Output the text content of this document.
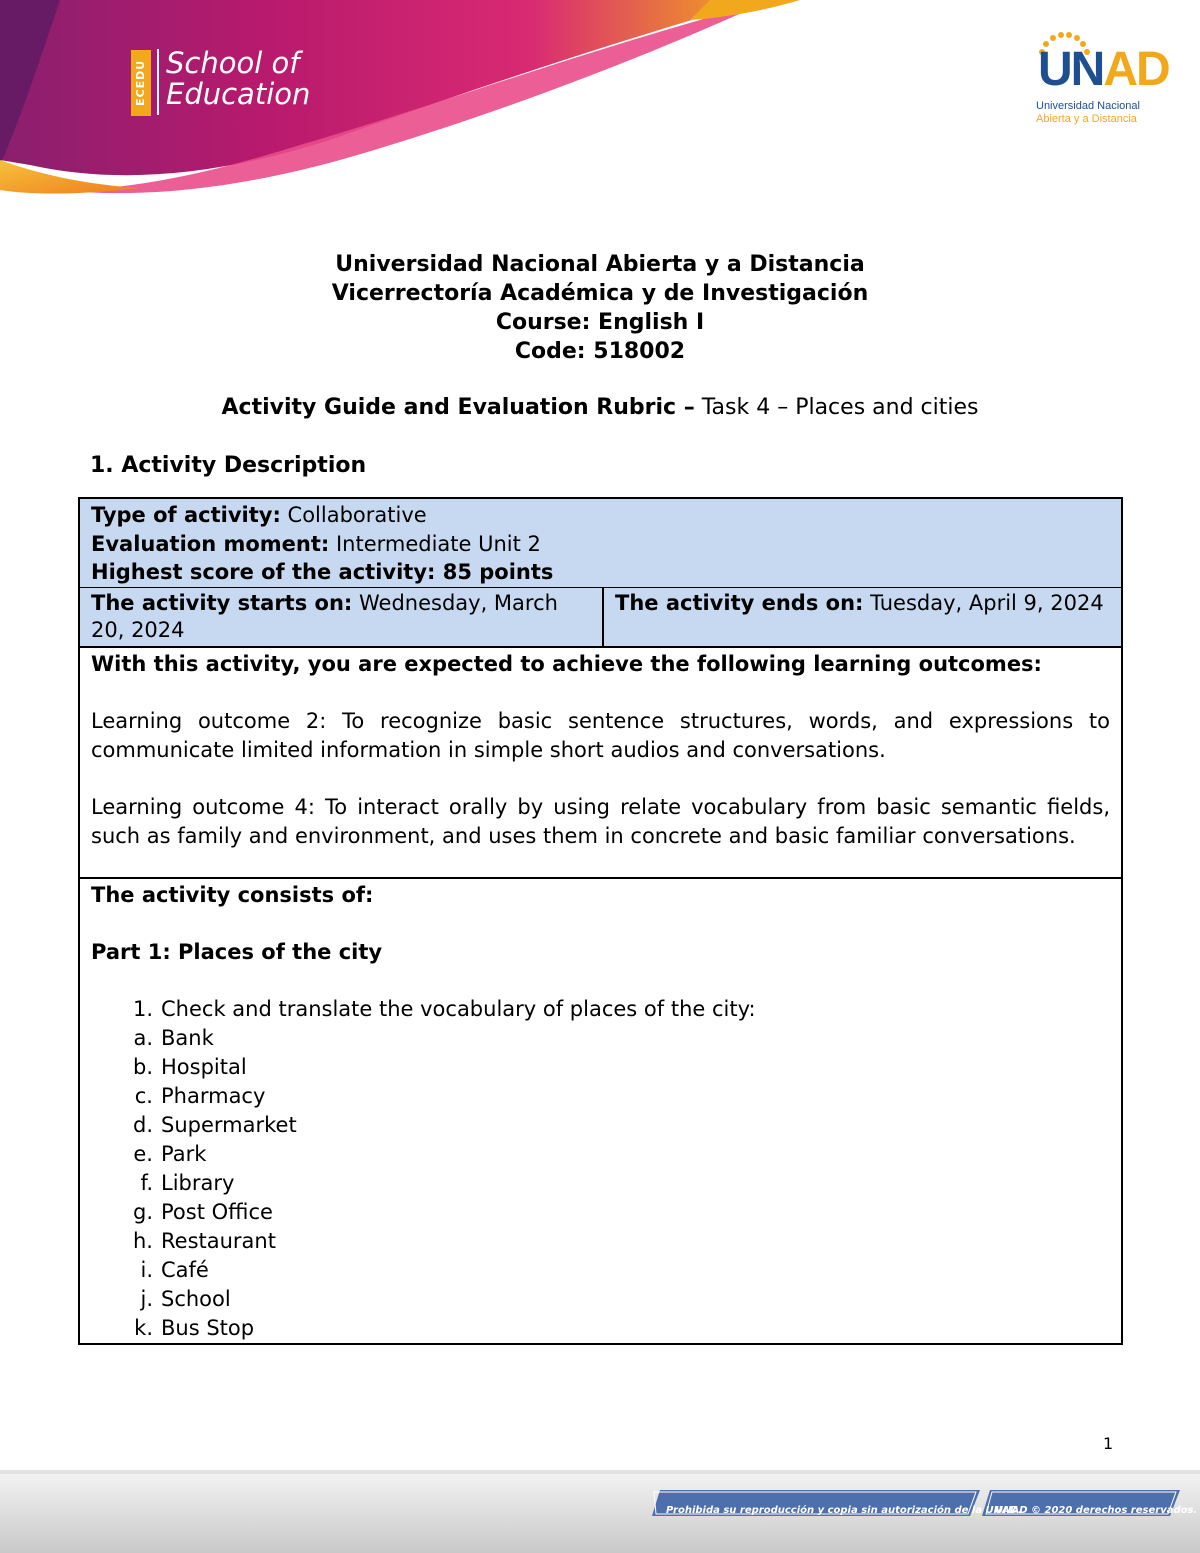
ECEDU School of
Education	UNAD
Universidad Nacional
Abierta y a Distancia
Universidad Nacional Abierta y a Distancia
Vicerrectoría Académica y de Investigación
Course: English I
Code: 518002
Activity Guide and Evaluation Rubric – Task 4 – Places and cities
1. Activity Description
Type of activity: Collaborative
Evaluation moment: Intermediate Unit 2
Highest score of the activity: 85 points

The activity starts on: Wednesday, March 20, 2024	The activity ends on: Tuesday, April 9, 2024

With this activity, you are expected to achieve the following learning outcomes:
Learning outcome 2: To recognize basic sentence structures, words, and expressions to communicate limited information in simple short audios and conversations.
Learning outcome 4: To interact orally by using relate vocabulary from basic semantic fields, such as family and environment, and uses them in concrete and basic familiar conversations.

The activity consists of:
Part 1: Places of the city
1. Check and translate the vocabulary of places of the city:
a. Bank
b. Hospital
c. Pharmacy
d. Supermarket
e. Park
f. Library
g. Post Office
h. Restaurant
i. Café
j. School
k. Bus Stop
1
Prohibida su reproducción y copia sin autorización de la UNAD.
UNAD © 2020 derechos reservados.
